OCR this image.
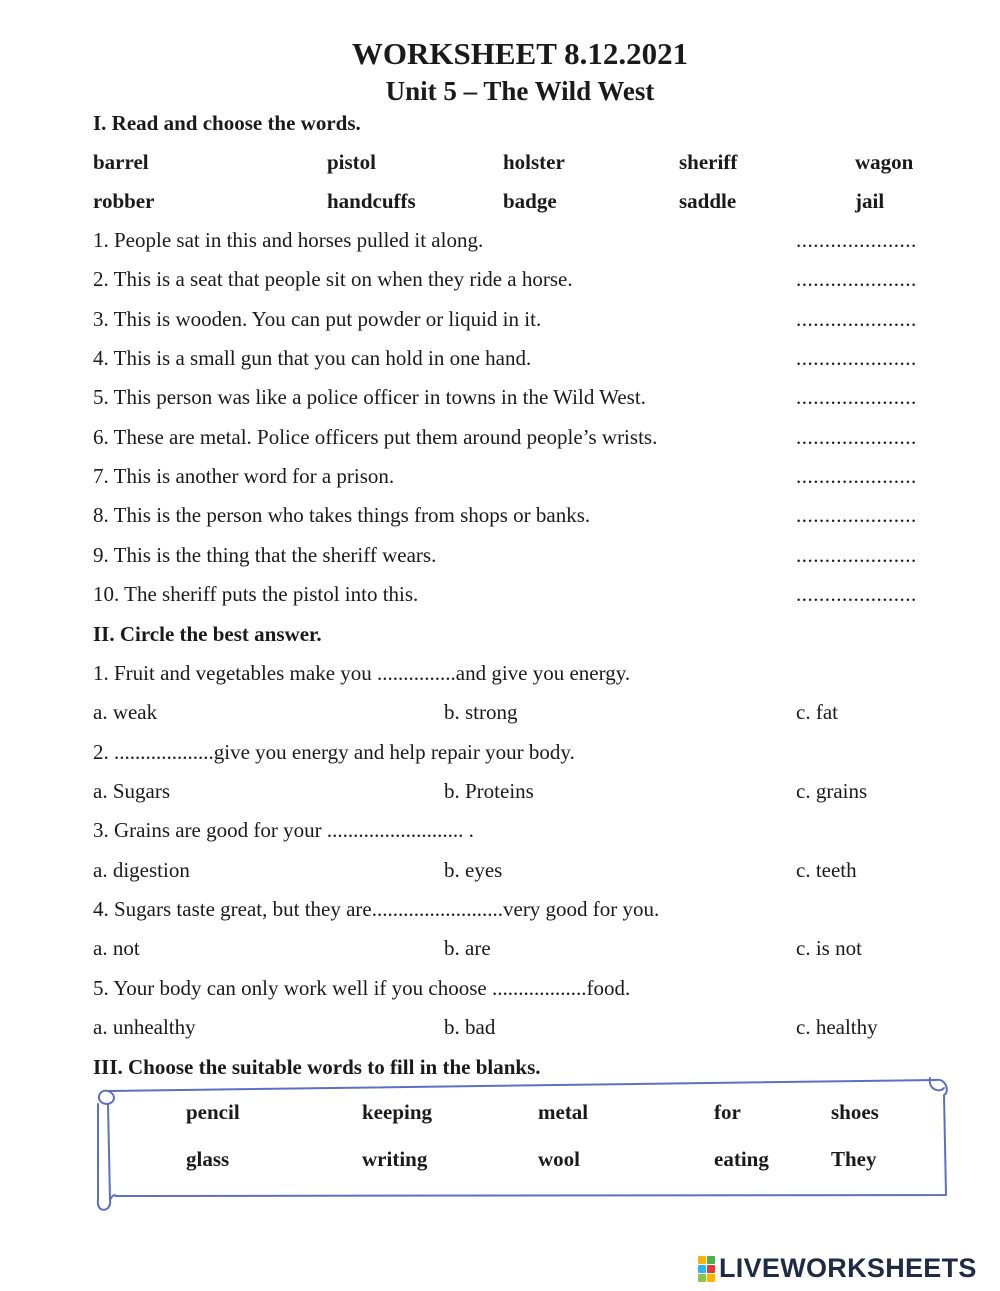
WORKSHEET 8.12.2021
Unit 5 – The Wild West
I. Read and choose the words.
barrel	pistol	holster	sheriff	wagon
robber	handcuffs	badge	saddle	jail
1. People sat in this and horses pulled it along.	.....................
2. This is a seat that people sit on when they ride a horse.	.....................
3. This is wooden. You can put powder or liquid in it.	.....................
4. This is a small gun that you can hold in one hand.	.....................
5. This person was like a police officer in towns in the Wild West.	.....................
6. These are metal. Police officers put them around people’s wrists.	.....................
7. This is another word for a prison.	.....................
8. This is the person who takes things from shops or banks.	.....................
9. This is the thing that the sheriff wears.	.....................
10. The sheriff puts the pistol into this.	.....................
II. Circle the best answer.
1. Fruit and vegetables make you ...............and give you energy.
a. weak	b. strong	c. fat
2. ...................give you energy and help repair your body.
a. Sugars	b. Proteins	c. grains
3. Grains are good for your .......................... .
a. digestion	b. eyes	c. teeth
4. Sugars taste great, but they are.........................very good for you.
a. not	b. are	c. is not
5. Your body can only work well if you choose ..................food.
a. unhealthy	b. bad	c. healthy
III. Choose the suitable words to fill in the blanks.
pencil	keeping	metal	for	shoes
glass	writing	wool	eating	They
LIVEWORKSHEETS
